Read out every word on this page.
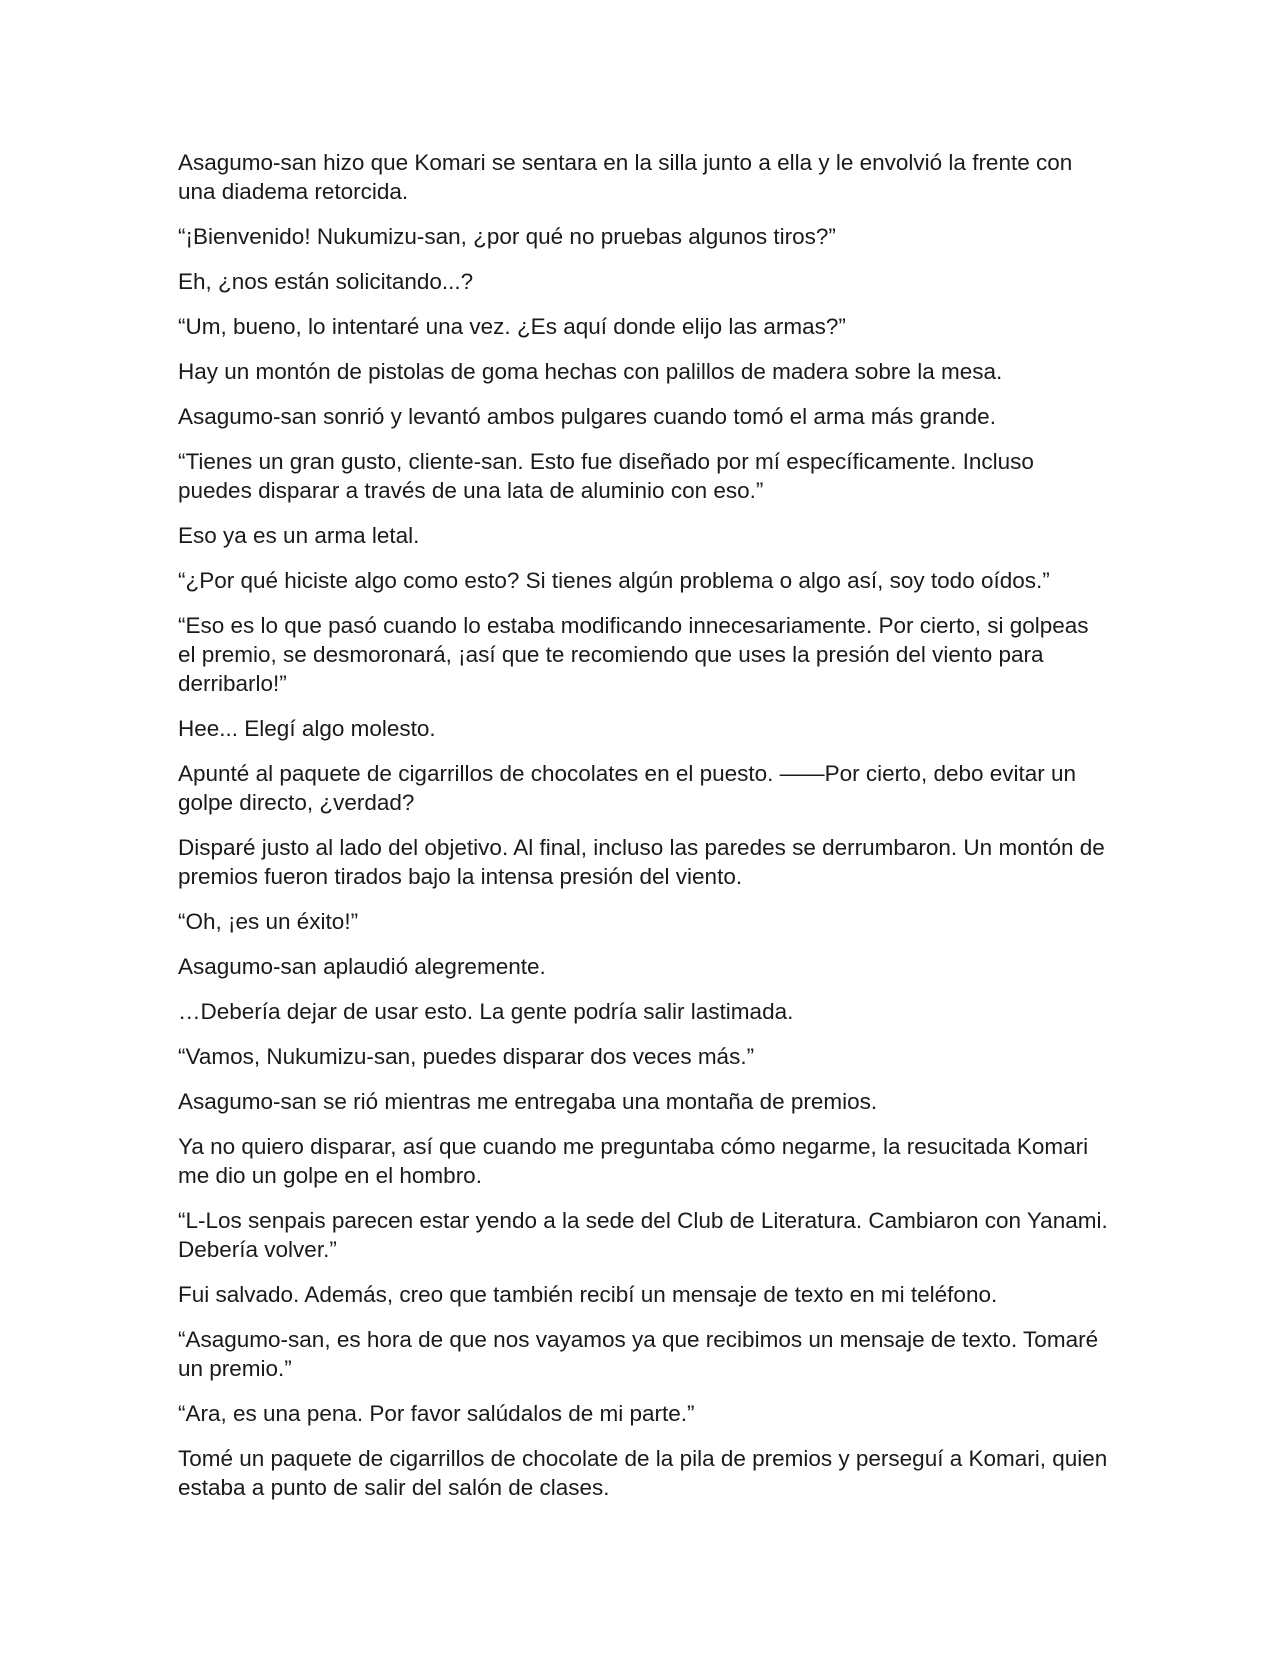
Asagumo-san hizo que Komari se sentara en la silla junto a ella y le envolvió la frente con una diadema retorcida.

“¡Bienvenido! Nukumizu-san, ¿por qué no pruebas algunos tiros?”

Eh, ¿nos están solicitando...?

“Um, bueno, lo intentaré una vez. ¿Es aquí donde elijo las armas?”

Hay un montón de pistolas de goma hechas con palillos de madera sobre la mesa.

Asagumo-san sonrió y levantó ambos pulgares cuando tomó el arma más grande.

“Tienes un gran gusto, cliente-san. Esto fue diseñado por mí específicamente. Incluso puedes disparar a través de una lata de aluminio con eso.”

Eso ya es un arma letal.

“¿Por qué hiciste algo como esto? Si tienes algún problema o algo así, soy todo oídos.”

“Eso es lo que pasó cuando lo estaba modificando innecesariamente. Por cierto, si golpeas el premio, se desmoronará, ¡así que te recomiendo que uses la presión del viento para derribarlo!”

Hee... Elegí algo molesto.

Apunté al paquete de cigarrillos de chocolates en el puesto. ——Por cierto, debo evitar un golpe directo, ¿verdad?

Disparé justo al lado del objetivo. Al final, incluso las paredes se derrumbaron. Un montón de premios fueron tirados bajo la intensa presión del viento.

“Oh, ¡es un éxito!”

Asagumo-san aplaudió alegremente.

…Debería dejar de usar esto. La gente podría salir lastimada.

“Vamos, Nukumizu-san, puedes disparar dos veces más.”

Asagumo-san se rió mientras me entregaba una montaña de premios.

Ya no quiero disparar, así que cuando me preguntaba cómo negarme, la resucitada Komari me dio un golpe en el hombro.

“L-Los senpais parecen estar yendo a la sede del Club de Literatura. Cambiaron con Yanami. Debería volver.”

Fui salvado. Además, creo que también recibí un mensaje de texto en mi teléfono.

“Asagumo-san, es hora de que nos vayamos ya que recibimos un mensaje de texto. Tomaré un premio.”

“Ara, es una pena. Por favor salúdalos de mi parte.”

Tomé un paquete de cigarrillos de chocolate de la pila de premios y perseguí a Komari, quien estaba a punto de salir del salón de clases.
